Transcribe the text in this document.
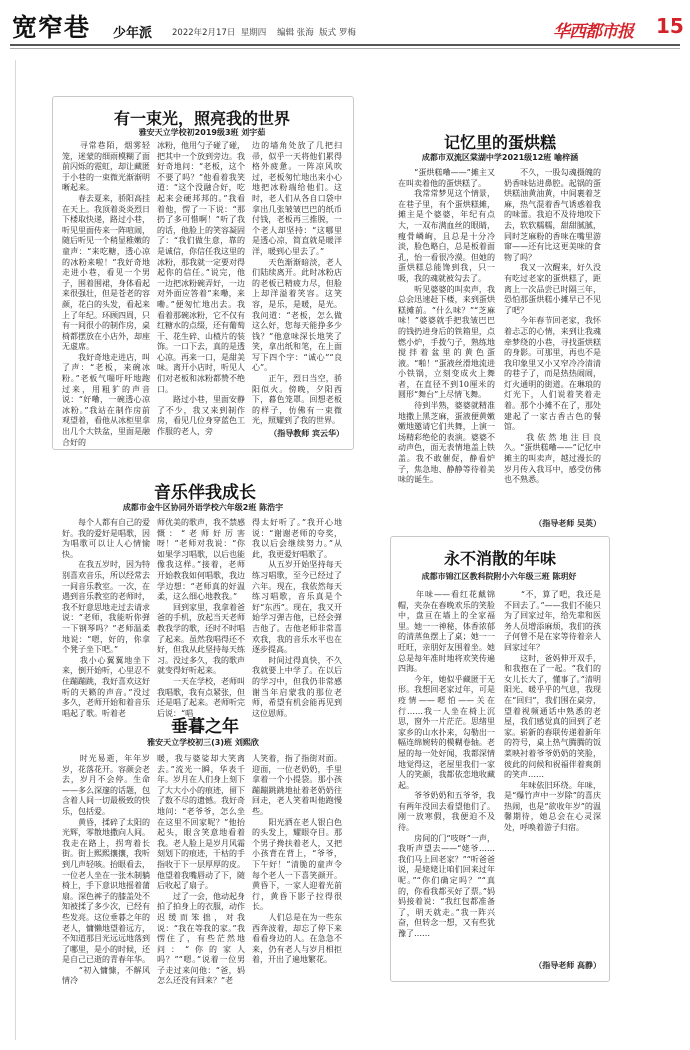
宽窄巷 少年派 2022年2月17日  星期四    编辑 张海  版式 罗梅	华西都市报 15
有一束光，照亮我的世界
雅安天立学校初2019级3班 刘宇茹
　　寻常巷陌，烟雾轻笼，迷蒙的细雨模糊了面前闪烁的霓虹，却让藏匿于小巷的一束微光渐渐明晰起来。
　　春去夏来，骄阳高挂在天上。我顶着炎炎烈日下楼取快递，路过小巷，听见里面传来一阵喧闹，随后听见一个稍显稚嫩的童声：“来吃糖，透心凉的冰粉来啦！”我好奇地走进小巷，看见一个男子，围着围裙，身体看起来很强壮，但是苍老的容颜，花白的头发，看起来上了年纪。环顾四周，只有一间很小的制作房，桌椅都摆放在小店外，却座无虚席。
　　我好奇地走进店，叫了声：“老板，来碗冰粉。”老板气喘吁吁地跑过来，用粗犷的声音说：“好嘞，一碗透心凉冰粉。”我站在制作房前观望着，看他从冰柜里拿出几个大铁盆，里面是融合好的
冰粉，他用勺子碰了碰，把其中一个放到旁边。我好奇地问：“老板，这个不要了吗？”他看着我笑道：“这个没融合好，吃起来会硬邦邦的。”我看着他，愣了一下说：“那扔了多可惜啊！”听了我的话，他脸上的笑容凝固了：“我们做生意，靠的是诚信，你信任我这里的冰粉，那我就一定要对得起你的信任。”说完，他一边把冰粉碗弄好，一边对外面应答着“来嘞，来嘞。”便匆忙地出去。我看着那碗冰粉，它不仅有红糖水的点缀，还有葡萄干、花生碎、山楂片的装饰。一口下去，真的是透心凉。再来一口，是甜美味。离开小店时，听见人们对老板和冰粉都赞不绝口。
　　路过小巷，里面安静了不少，我又来到制作房，看见几位身穿蓝色工作服的老人，旁
边的墙角处放了几把扫帚，似乎一天将他们累得格外疲惫。一阵凉风吹过，老板匆忙地出来小心地把冰粉端给他们。这时，老人们从各自口袋中拿出几张皱皱巴巴的纸币付钱，老板再三推脱，一个老人却坚持：“这哪里是透心凉，简直就是暖洋洋，暖到心里去了。”
　　天色渐渐暗淡，老人们陆续离开。此时冰粉店的老板已精疲力尽，但脸上却洋溢着笑容。这笑容，是乐，是暖，是光。我问道：“老板，怎么做这么好，您每天能挣多少钱？”他意味深长地笑了笑，拿出纸和笔，在上面写下四个字：“诚心”“良心”。
　　正午，烈日当空，骄阳似火。傍晚，夕阳西下，暮色笼罩。回想老板的样子，仿佛有一束微光，照耀到了我的世界。
（指导教师 宾云华）
记忆里的蛋烘糕
成都市双流区棠湖中学2021级12班 喻梓涵
　　“蛋烘糕嘞——”摊主又在叫卖着他的蛋烘糕了。
　　我常常梦见这个情景，在巷子里，有个蛋烘糕摊，摊主是个婆婆，年纪有点大，一双布满血丝的眼睛，瘦骨嶙峋，且总是十分冷淡，脸色略白，总是板着面孔，怡一看很冷漠。但她的蛋烘糕总能馋到我，只一吸，我的魂就被勾去了。
　　听见婆婆的叫卖声，我总会迅速赶下楼，来到蛋烘糕摊前。“什么味？”“芝麻味！”婆婆就手把我皱巴巴的钱扔进身后的铁箱里，点燃小炉，手拨勺子，熟练地搅拌着盆里的黄色蛋液。“啪！”蛋液丝滑地流进小铁锅，立刻变成火上舞者，在直径不到10厘米的圆形“舞台”上尽情飞舞。
　　待到半熟，婆婆就精准地撒上黑芝麻，蛋液便黄嫩嫩地邀请它们共舞，上演一场精彩绝伦的表演。婆婆不动声色，面无表情地盖上铁盖。我不敢催促，静看炉子，焦急地、静静等待着美味的诞生。
　　不久，一股勾魂摄魄的奶香味钻进鼻腔。起锅的蛋烘糕油黄油黄，中间裹着芝麻，热气混着香气诱惑着我的味蕾。我迫不及待地咬下去，软软糯糯，甜甜腻腻，同时芝麻粉的香味在嘴里游窜——还有比这更美味的食物了吗？
　　我又一次醒来，好久没有吃过老家的蛋烘糕了，距离上一次品尝已时隔三年，恐怕那蛋烘糕小摊早已不见了吧？
　　今年春节回老家，我怀着忐忑的心情，来到让我魂牵梦绕的小巷，寻找蛋烘糕的身影。可那里，再也不是我印象里又小又窄冷冷清清的巷子了，而是热热闹闹，灯火通明的街道。在琳琅的灯光下，人们说着笑着走着。那个小摊不在了，那处建起了一家古香古色的餐馆。
　　我依然地注目良久。“蛋烘糕嘞——”记忆中摊主的叫卖声，越过漫长的岁月传入我耳中，感受仿佛也不熟悉。
（指导老师 吴英）
音乐伴我成长
成都市金牛区协同外语学校六年级2班 陈浩宇
　　每个人都有自己的爱好。我的爱好是唱歌，因为唱歌可以让人心情愉快。
　　在我五岁时，因为特别喜欢音乐，所以经常去一间音乐教室。一次，在遇到音乐教室的老师时，我不好意思地走过去请求说：“老师，我能听你弹一下钢琴吗？”老师温柔地说：“嗯，好的，你拿个凳子坐下吧。”
　　我小心翼翼地坐下来，倒开始听，心里忍不住蹦蹦跳，我好喜欢这好听的天籁的声音。”没过多久，老师开始和着音乐唱起了歌。听着老
师优美的歌声，我不禁感慨：“老师好厉害呀！”老师对我说：“你如果学习唱歌，以后也能像我这样。”接着，老师开始教我如何唱歌，我边学边想：“老师真的好温柔，这么细心地教我。”
　　回到家里，我拿着爸爸的手机，放起当天老师教我学的歌，还时不时唱了起来。虽然我唱得还不好，但我从此坚持每天练习。没过多久，我的歌声就变得好听起来。
　　一天在学校，老师叫我唱歌，我有点紧张，但还是唱了起来。老师听完后说：“唱
得太好听了。”我开心地说：“谢谢老师的夸奖，我以后会继续努力。”从此，我更爱好唱歌了。
　　从五岁开始坚持每天练习唱歌，至今已经过了六年。现在，我依然每天练习唱歌，音乐真是个好“东西”。现在，我又开始学习弹吉他，已经会弹吉他了。吉他老师非常喜欢我，我的音乐水平也在逐步提高。
　　时间过得真快，不久我就要上中学了。在以后的学习中，但我仍非常感谢当年启蒙我的那位老师，希望有机会能再见到这位恩师。
永不消散的年味
成都市锦江区教科院附小六年级三班 陈玥好
　　年味——看红花戴锦帽，夹杂在春晚欢乐的笑脸中，盘亘在墙上的全家福里。她一一神秘，体香浓郁的清蒸鱼摆上了桌；她一一旺旺，亲朋好友围着坐。她总是每年准时地将欢笑传遍四海。
　　今年，她似乎藏匿于无形。我想回老家过年，可是疫情——嗯怕——关在行……我一人坐在椅上沉思，窗外一片茫茫。思绪里家乡的山水扑来，勾勒出一幅连绵婉转的模糊卷轴。老屋的每一处好闻，我都深情地觉得这，老屋里我们一家人的笑颜，我都依恋地收藏起。
　　爷爷奶奶和五爷爷，我有两年没回去看望他们了。刚一放寒假，我便迫不及待。
　　房间的门“吱呀”一声，我听声望去——“姥爷……我们马上回老家？”“听爸爸说，是姥姥让咱们回来过年呢。”“你们确定吗？”“真的，你看我都买好了票。”妈妈接着说：“我红包都准备了，明天就走。”我一阵兴奋，但转念一想，又有些犹豫了……
　　“不，算了吧，我还是不回去了。”——我们不能只为了回家过年，给先辈和医务人员增添麻烦，我们的孩子何曾不是在家等待着亲人回家过年？
　　这时，爸妈伸开双手，和我抱在了一起。“我们的女儿长大了，懂事了。”清明阳光、暖乎乎的气息，我现在“回归”，我们围在桌旁，望着视频通话中熟悉的老屋，我们感觉真的回到了老家。崭新的春联传递着新年的符号，桌上热气腾腾的饭菜映衬着爷爷奶奶的笑脸，彼此的问候和祝福伴着爽朗的笑声……
　　年味依旧环绕。年味，是“爆竹声中一岁除”的喜庆热闹，也是“欲收年岁”的温馨期待，她总会在心灵深处，呼唤着游子归宿。
（指导老师 高静）
垂暮之年
雅安天立学校初三(3)班 刘熙欣
　　时光易逝，年年岁岁，花落花开。容颜会老去，岁月不会停。生命——多么深邃的话题，包含着人间一切最极致的快乐，包括爱。
　　黄昏，揉碎了太阳的光辉，零散地撒向人间。我走在路上，拐弯着长街。街上熙熙攘攘，我听到几声轻咳。抬眼看去，一位老人坐在一张木制躺椅上，手下意识地摇着蒲扇。深色裤子的膝盖处不知被揉了多少次，已经有些发亮。这位垂暮之年的老人，慵懒地望着远方，不知道那目光远远地落到了哪里，是小的时候，还是自己已逝的青春年华。
　　“初入慵慷，不解风情冷
暖，我与婆娑却大笑离去。”流光一瞬，华表千年。岁月在人们身上刻下了大大小小的痕迹，留下了数不尽的遗憾。我好奇地问：“老爷爷，怎么坐在这里不回家呢？”他抬起头，眼含笑意地看着我。老人脸上是岁月风霜刻划下的痕迹，干枯的手指收于下一层厚厚的皮。他望着我嘴唇动了下，随后收起了扇子。
　　过了一会，他动起身拍了拍身上的衣服，动作迟缓而笨拙，对我说：“我在等我的家。”我愣住了，有些茫然地问：“你的家人吗？”“嗯。”说着一位男子走过来问他：“爸，妈怎么还没有回来？”老
人笑着，指了指街对面。迎面，一位老奶奶，手里拿着一个小提袋。那小孩蹦蹦跳跳地扯着老奶奶往回走，老人笑着叫他跑慢些。
　　阳光洒在老人银白色的头发上，耀眼夺目。那个男子搀扶着老人，又把小孩背在背上，“爷爷，下午好！”清脆的童声令每个老人一下喜笑颜开。黄昏下，一家人迎着光前行，黄昏下影子拉得很长。
　　人们总是在为一些东西奔波着，却忘了停下来看看身边的人。在急急不来，仍有老人与岁月相拒着，开出了遍地繁花。
